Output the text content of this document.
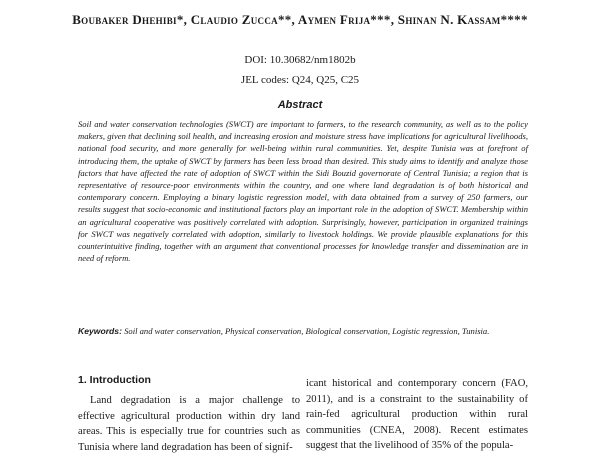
Boubaker Dhehibi*, Claudio Zucca**, Aymen Frija***, Shinan N. Kassam****
DOI: 10.30682/nm1802b
JEL codes: Q24, Q25, C25
Abstract
Soil and water conservation technologies (SWCT) are important to farmers, to the research community, as well as to the policy makers, given that declining soil health, and increasing erosion and moisture stress have implications for agricultural livelihoods, national food security, and more generally for well-being within rural communities. Yet, despite Tunisia was at forefront of introducing them, the uptake of SWCT by farmers has been less broad than desired. This study aims to identify and analyze those factors that have affected the rate of adoption of SWCT within the Sidi Bouzid governorate of Central Tunisia; a region that is representative of resource-poor environments within the country, and one where land degradation is of both historical and contemporary concern. Employing a binary logistic regression model, with data obtained from a survey of 250 farmers, our results suggest that socio-economic and institutional factors play an important role in the adoption of SWCT. Membership within an agricultural cooperative was positively correlated with adoption. Surprisingly, however, participation in organized trainings for SWCT was negatively correlated with adoption, similarly to livestock holdings. We provide plausible explanations for this counterintuitive finding, together with an argument that conventional processes for knowledge transfer and dissemination are in need of reform.
Keywords: Soil and water conservation, Physical conservation, Biological conservation, Logistic regression, Tunisia.
1. Introduction
Land degradation is a major challenge to effective agricultural production within dry land areas. This is especially true for countries such as Tunisia where land degradation has been of signif-
icant historical and contemporary concern (FAO, 2011), and is a constraint to the sustainability of rain-fed agricultural production within rural communities (CNEA, 2008). Recent estimates suggest that the livelihood of 35% of the popula-
